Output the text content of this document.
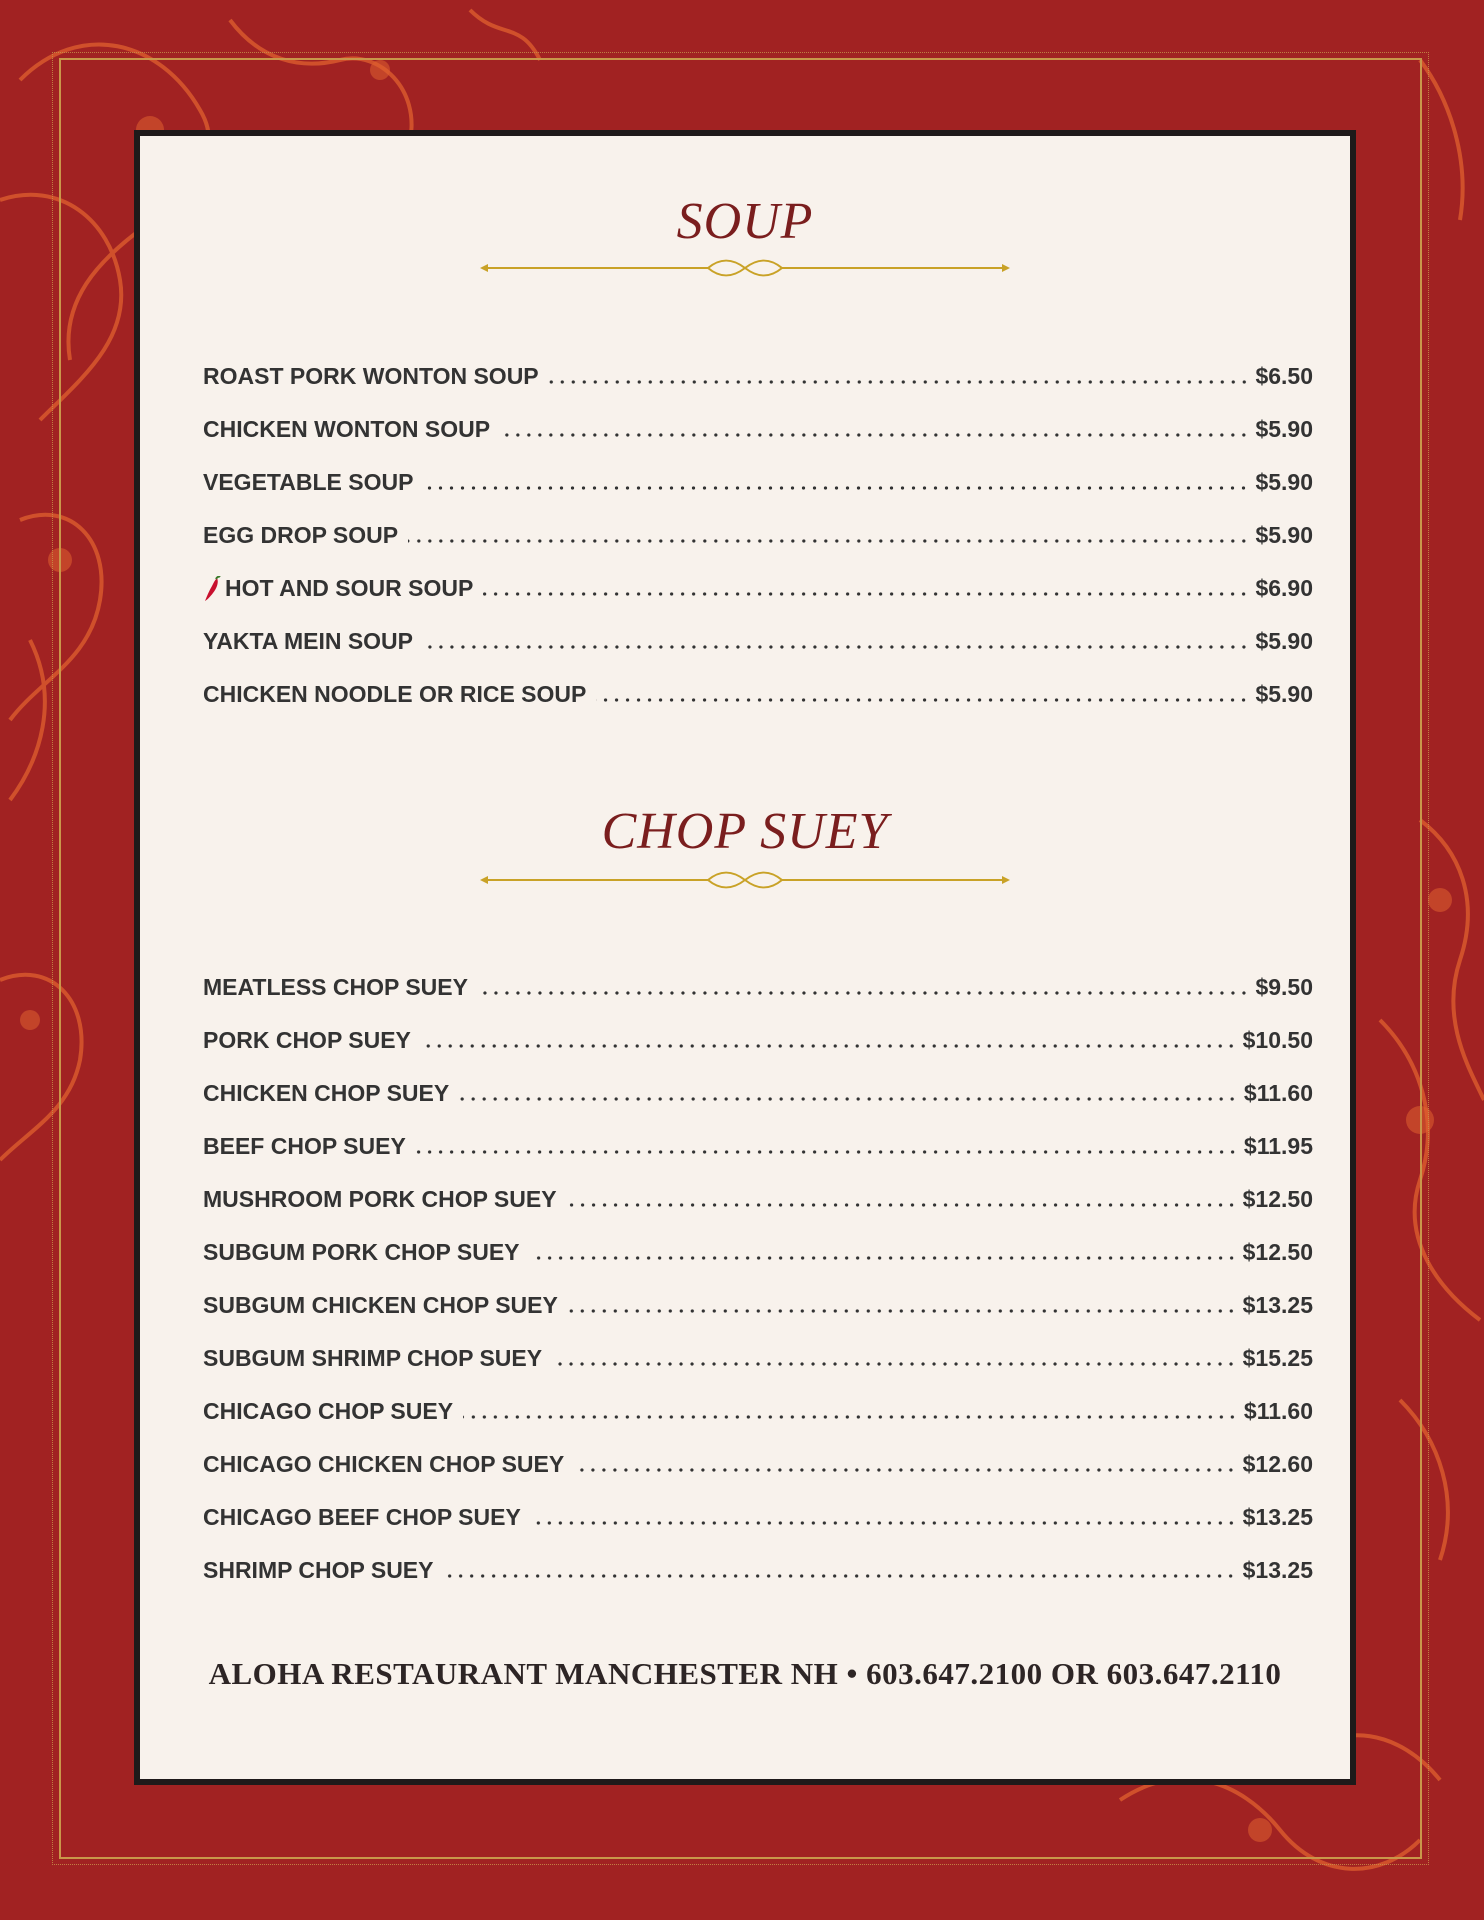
SOUP
ROAST PORK WONTON SOUP	$6.50
CHICKEN WONTON SOUP	$5.90
VEGETABLE SOUP	$5.90
EGG DROP SOUP	$5.90
HOT AND SOUR SOUP	$6.90
YAKTA MEIN SOUP	$5.90
CHICKEN NOODLE OR RICE SOUP	$5.90
CHOP SUEY
MEATLESS CHOP SUEY	$9.50
PORK CHOP SUEY	$10.50
CHICKEN CHOP SUEY	$11.60
BEEF CHOP SUEY	$11.95
MUSHROOM PORK CHOP SUEY	$12.50
SUBGUM PORK CHOP SUEY	$12.50
SUBGUM CHICKEN CHOP SUEY	$13.25
SUBGUM SHRIMP CHOP SUEY	$15.25
CHICAGO CHOP SUEY	$11.60
CHICAGO CHICKEN CHOP SUEY	$12.60
CHICAGO BEEF CHOP SUEY	$13.25
SHRIMP CHOP SUEY	$13.25
ALOHA RESTAURANT MANCHESTER NH • 603.647.2100 OR 603.647.2110
